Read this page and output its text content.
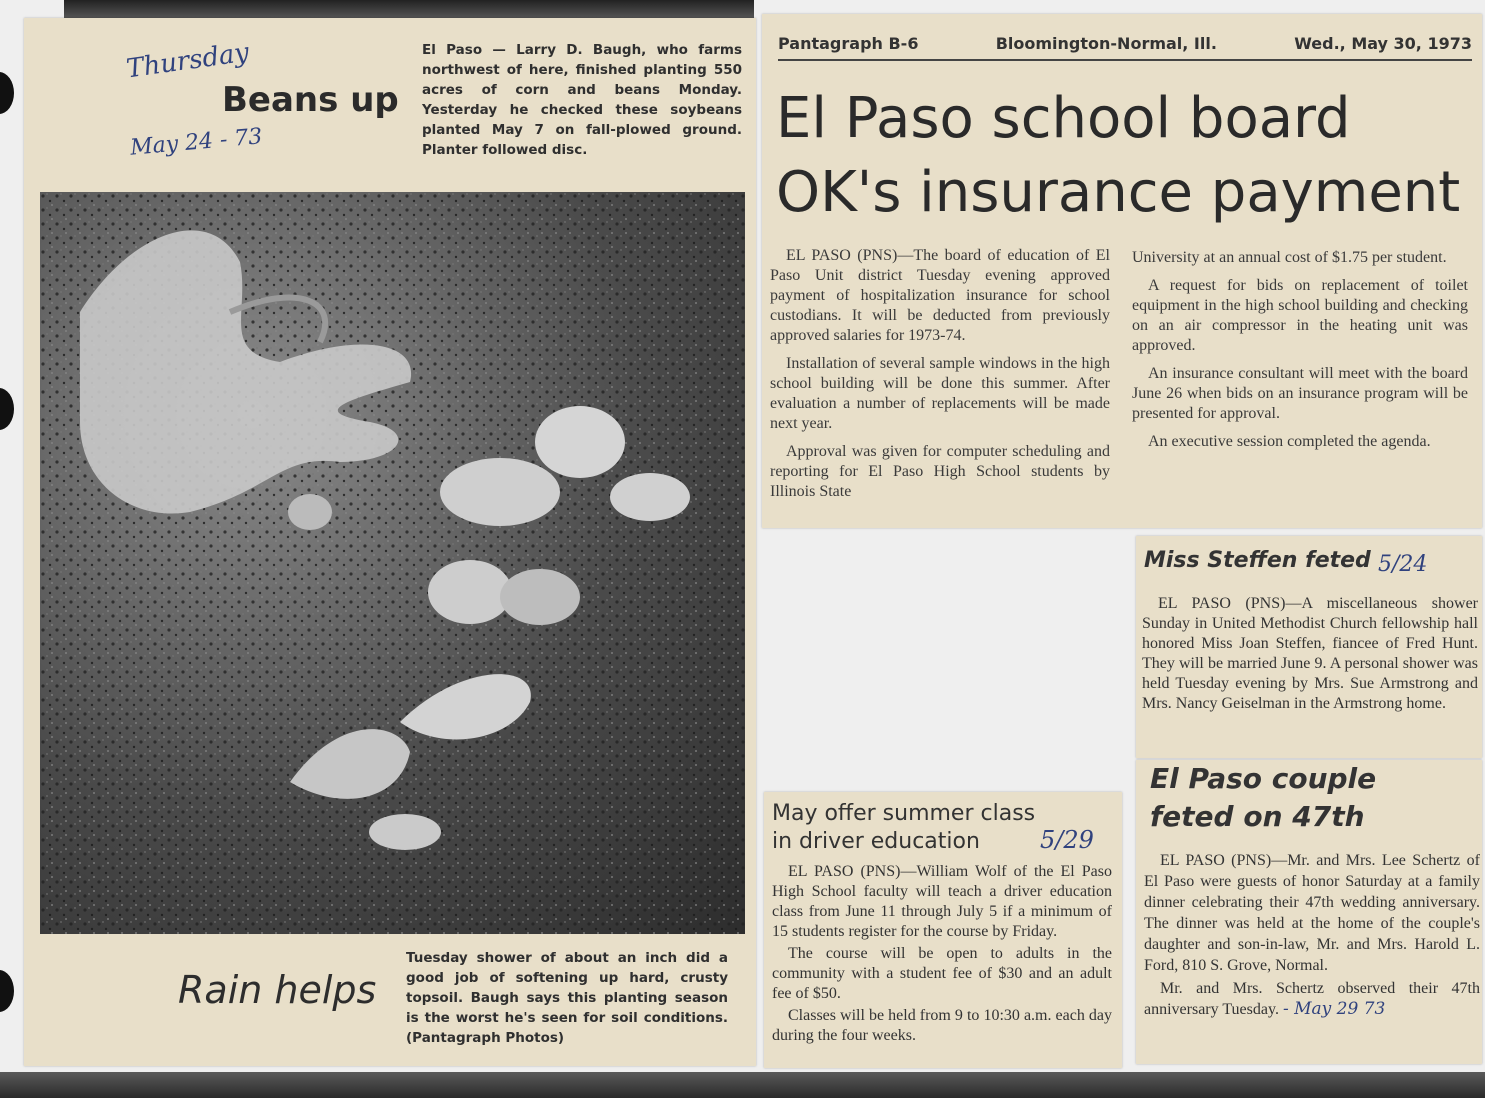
Thursday
May 24 - 73
Beans up
El Paso — Larry D. Baugh, who farms northwest of here, finished planting 550 acres of corn and beans Monday. Yesterday he checked these soybeans planted May 7 on fall-plowed ground. Planter followed disc.
Rain helps
Tuesday shower of about an inch did a good job of softening up hard, crusty topsoil. Baugh says this planting season is the worst he's seen for soil conditions. (Pantagraph Photos)
Pantagraph B-6	Bloomington-Normal, Ill.	Wed., May 30, 1973
El Paso school board OK's insurance payment

EL PASO (PNS)—The board of education of El Paso Unit district Tuesday evening approved payment of hospitalization insurance for school custodians. It will be deducted from previously approved salaries for 1973-74.

Installation of several sample windows in the high school building will be done this summer. After evaluation a number of replacements will be made next year.

Approval was given for computer scheduling and reporting for El Paso High School students by Illinois State

University at an annual cost of $1.75 per student.

A request for bids on replacement of toilet equipment in the high school building and checking on an air compressor in the heating unit was approved.

An insurance consultant will meet with the board June 26 when bids on an insurance program will be presented for approval.

An executive session completed the agenda.

Miss Steffen feted 5/24

EL PASO (PNS)—A miscellaneous shower Sunday in United Methodist Church fellowship hall honored Miss Joan Steffen, fiancee of Fred Hunt. They will be married June 9. A personal shower was held Tuesday evening by Mrs. Sue Armstrong and Mrs. Nancy Geiselman in the Armstrong home.

El Paso couple
feted on 47th

EL PASO (PNS)—Mr. and Mrs. Lee Schertz of El Paso were guests of honor Saturday at a family dinner celebrating their 47th wedding anniversary. The dinner was held at the home of the couple's daughter and son-in-law, Mr. and Mrs. Harold L. Ford, 810 S. Grove, Normal.

Mr. and Mrs. Schertz observed their 47th anniversary Tuesday. - May 29 73

May offer summer class
in driver education	5/29

EL PASO (PNS)—William Wolf of the El Paso High School faculty will teach a driver education class from June 11 through July 5 if a minimum of 15 students register for the course by Friday.

The course will be open to adults in the community with a student fee of $30 and an adult fee of $50.

Classes will be held from 9 to 10:30 a.m. each day during the four weeks.
